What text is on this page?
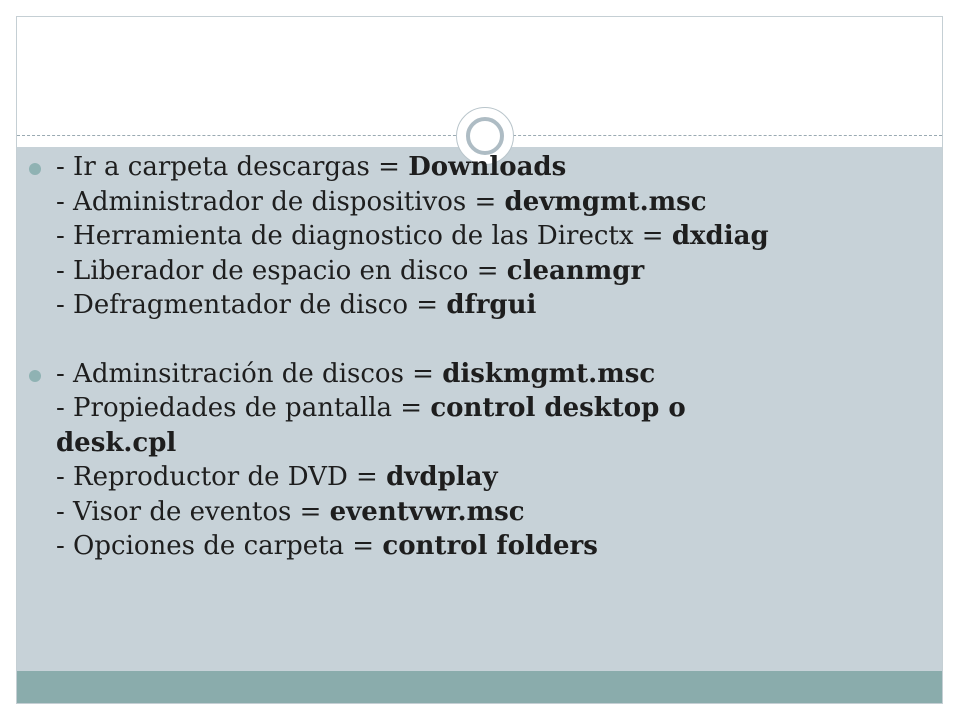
- Ir a carpeta descargas = Downloads
- Administrador de dispositivos = devmgmt.msc
- Herramienta de diagnostico de las Directx = dxdiag
- Liberador de espacio en disco = cleanmgr
- Defragmentador de disco = dfrgui
- Adminsitración de discos = diskmgmt.msc
- Propiedades de pantalla = control desktop o
desk.cpl
- Reproductor de DVD = dvdplay
- Visor de eventos = eventvwr.msc
- Opciones de carpeta = control folders
